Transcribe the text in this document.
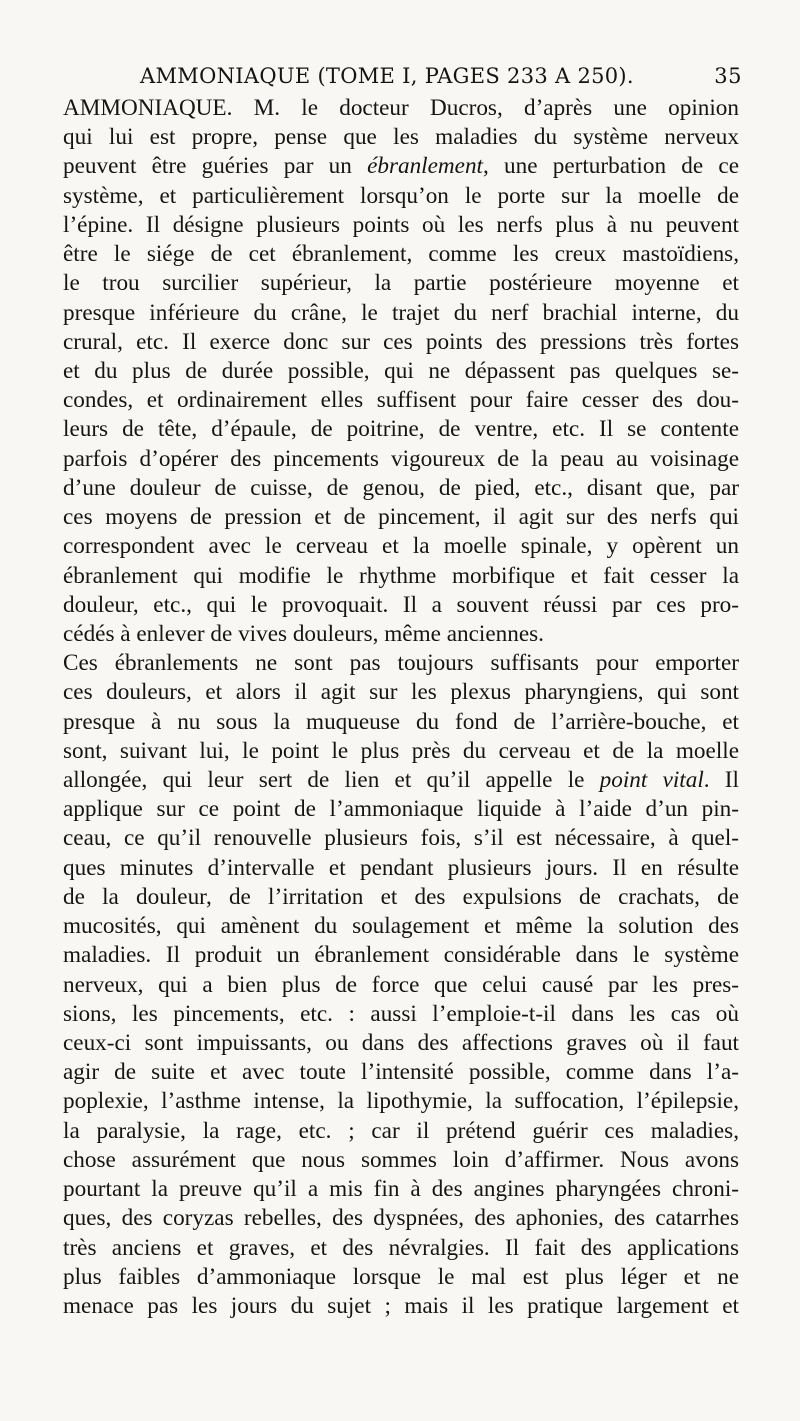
AMMONIAQUE (TOME I, PAGES 233 A 250).	35
AMMONIAQUE. M. le docteur Ducros, d’après une opinion
qui lui est propre, pense que les maladies du système nerveux
peuvent être guéries par un ébranlement, une perturbation de ce
système, et particulièrement lorsqu’on le porte sur la moelle de
l’épine. Il désigne plusieurs points où les nerfs plus à nu peuvent
être le siége de cet ébranlement, comme les creux mastoïdiens,
le trou surcilier supérieur, la partie postérieure moyenne et
presque inférieure du crâne, le trajet du nerf brachial interne, du
crural, etc. Il exerce donc sur ces points des pressions très fortes
et du plus de durée possible, qui ne dépassent pas quelques se-
condes, et ordinairement elles suffisent pour faire cesser des dou-
leurs de tête, d’épaule, de poitrine, de ventre, etc. Il se contente
parfois d’opérer des pincements vigoureux de la peau au voisinage
d’une douleur de cuisse, de genou, de pied, etc., disant que, par
ces moyens de pression et de pincement, il agit sur des nerfs qui
correspondent avec le cerveau et la moelle spinale, y opèrent un
ébranlement qui modifie le rhythme morbifique et fait cesser la
douleur, etc., qui le provoquait. Il a souvent réussi par ces pro-
cédés à enlever de vives douleurs, même anciennes.
Ces ébranlements ne sont pas toujours suffisants pour emporter
ces douleurs, et alors il agit sur les plexus pharyngiens, qui sont
presque à nu sous la muqueuse du fond de l’arrière-bouche, et
sont, suivant lui, le point le plus près du cerveau et de la moelle
allongée, qui leur sert de lien et qu’il appelle le point vital. Il
applique sur ce point de l’ammoniaque liquide à l’aide d’un pin-
ceau, ce qu’il renouvelle plusieurs fois, s’il est nécessaire, à quel-
ques minutes d’intervalle et pendant plusieurs jours. Il en résulte
de la douleur, de l’irritation et des expulsions de crachats, de
mucosités, qui amènent du soulagement et même la solution des
maladies. Il produit un ébranlement considérable dans le système
nerveux, qui a bien plus de force que celui causé par les pres-
sions, les pincements, etc. : aussi l’emploie-t-il dans les cas où
ceux-ci sont impuissants, ou dans des affections graves où il faut
agir de suite et avec toute l’intensité possible, comme dans l’a-
poplexie, l’asthme intense, la lipothymie, la suffocation, l’épilepsie,
la paralysie, la rage, etc. ; car il prétend guérir ces maladies,
chose assurément que nous sommes loin d’affirmer. Nous avons
pourtant la preuve qu’il a mis fin à des angines pharyngées chroni-
ques, des coryzas rebelles, des dyspnées, des aphonies, des catarrhes
très anciens et graves, et des névralgies. Il fait des applications
plus faibles d’ammoniaque lorsque le mal est plus léger et ne
menace pas les jours du sujet ; mais il les pratique largement et
